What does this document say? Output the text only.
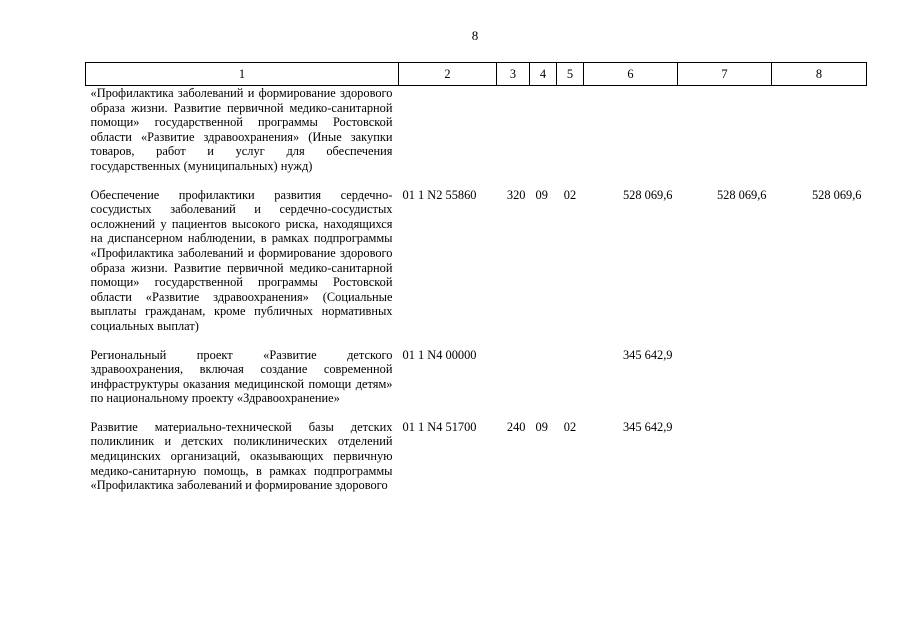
8
1	2	3	4	5	6	7	8
«Профилактика заболеваний и формирование здорового образа жизни. Развитие первичной медико-санитарной помощи» государственной программы Ростовской области «Развитие здравоохранения» (Иные закупки товаров, работ и услуг для обеспечения государственных (муниципальных) нужд)							
Обеспечение профилактики развития сердечно-сосудистых заболеваний и сердечно-сосудистых осложнений у пациентов высокого риска, находящихся на диспансерном наблюдении, в рамках подпрограммы «Профилактика заболеваний и формирование здорового образа жизни. Развитие первичной медико-санитарной помощи» государственной программы Ростовской области «Развитие здравоохранения» (Социальные выплаты гражданам, кроме публичных нормативных социальных выплат)	01 1 N2 55860	320	09	02	528 069,6	528 069,6	528 069,6
Региональный проект «Развитие детского здравоохранения, включая создание современной инфраструктуры оказания медицинской помощи детям» по национальному проекту «Здравоохранение»	01 1 N4 00000				345 642,9		
Развитие материально-технической базы детских поликлиник и детских поликлинических отделений медицинских организаций, оказывающих первичную медико-санитарную помощь, в рамках подпрограммы «Профилактика заболеваний и формирование здорового	01 1 N4 51700	240	09	02	345 642,9		
